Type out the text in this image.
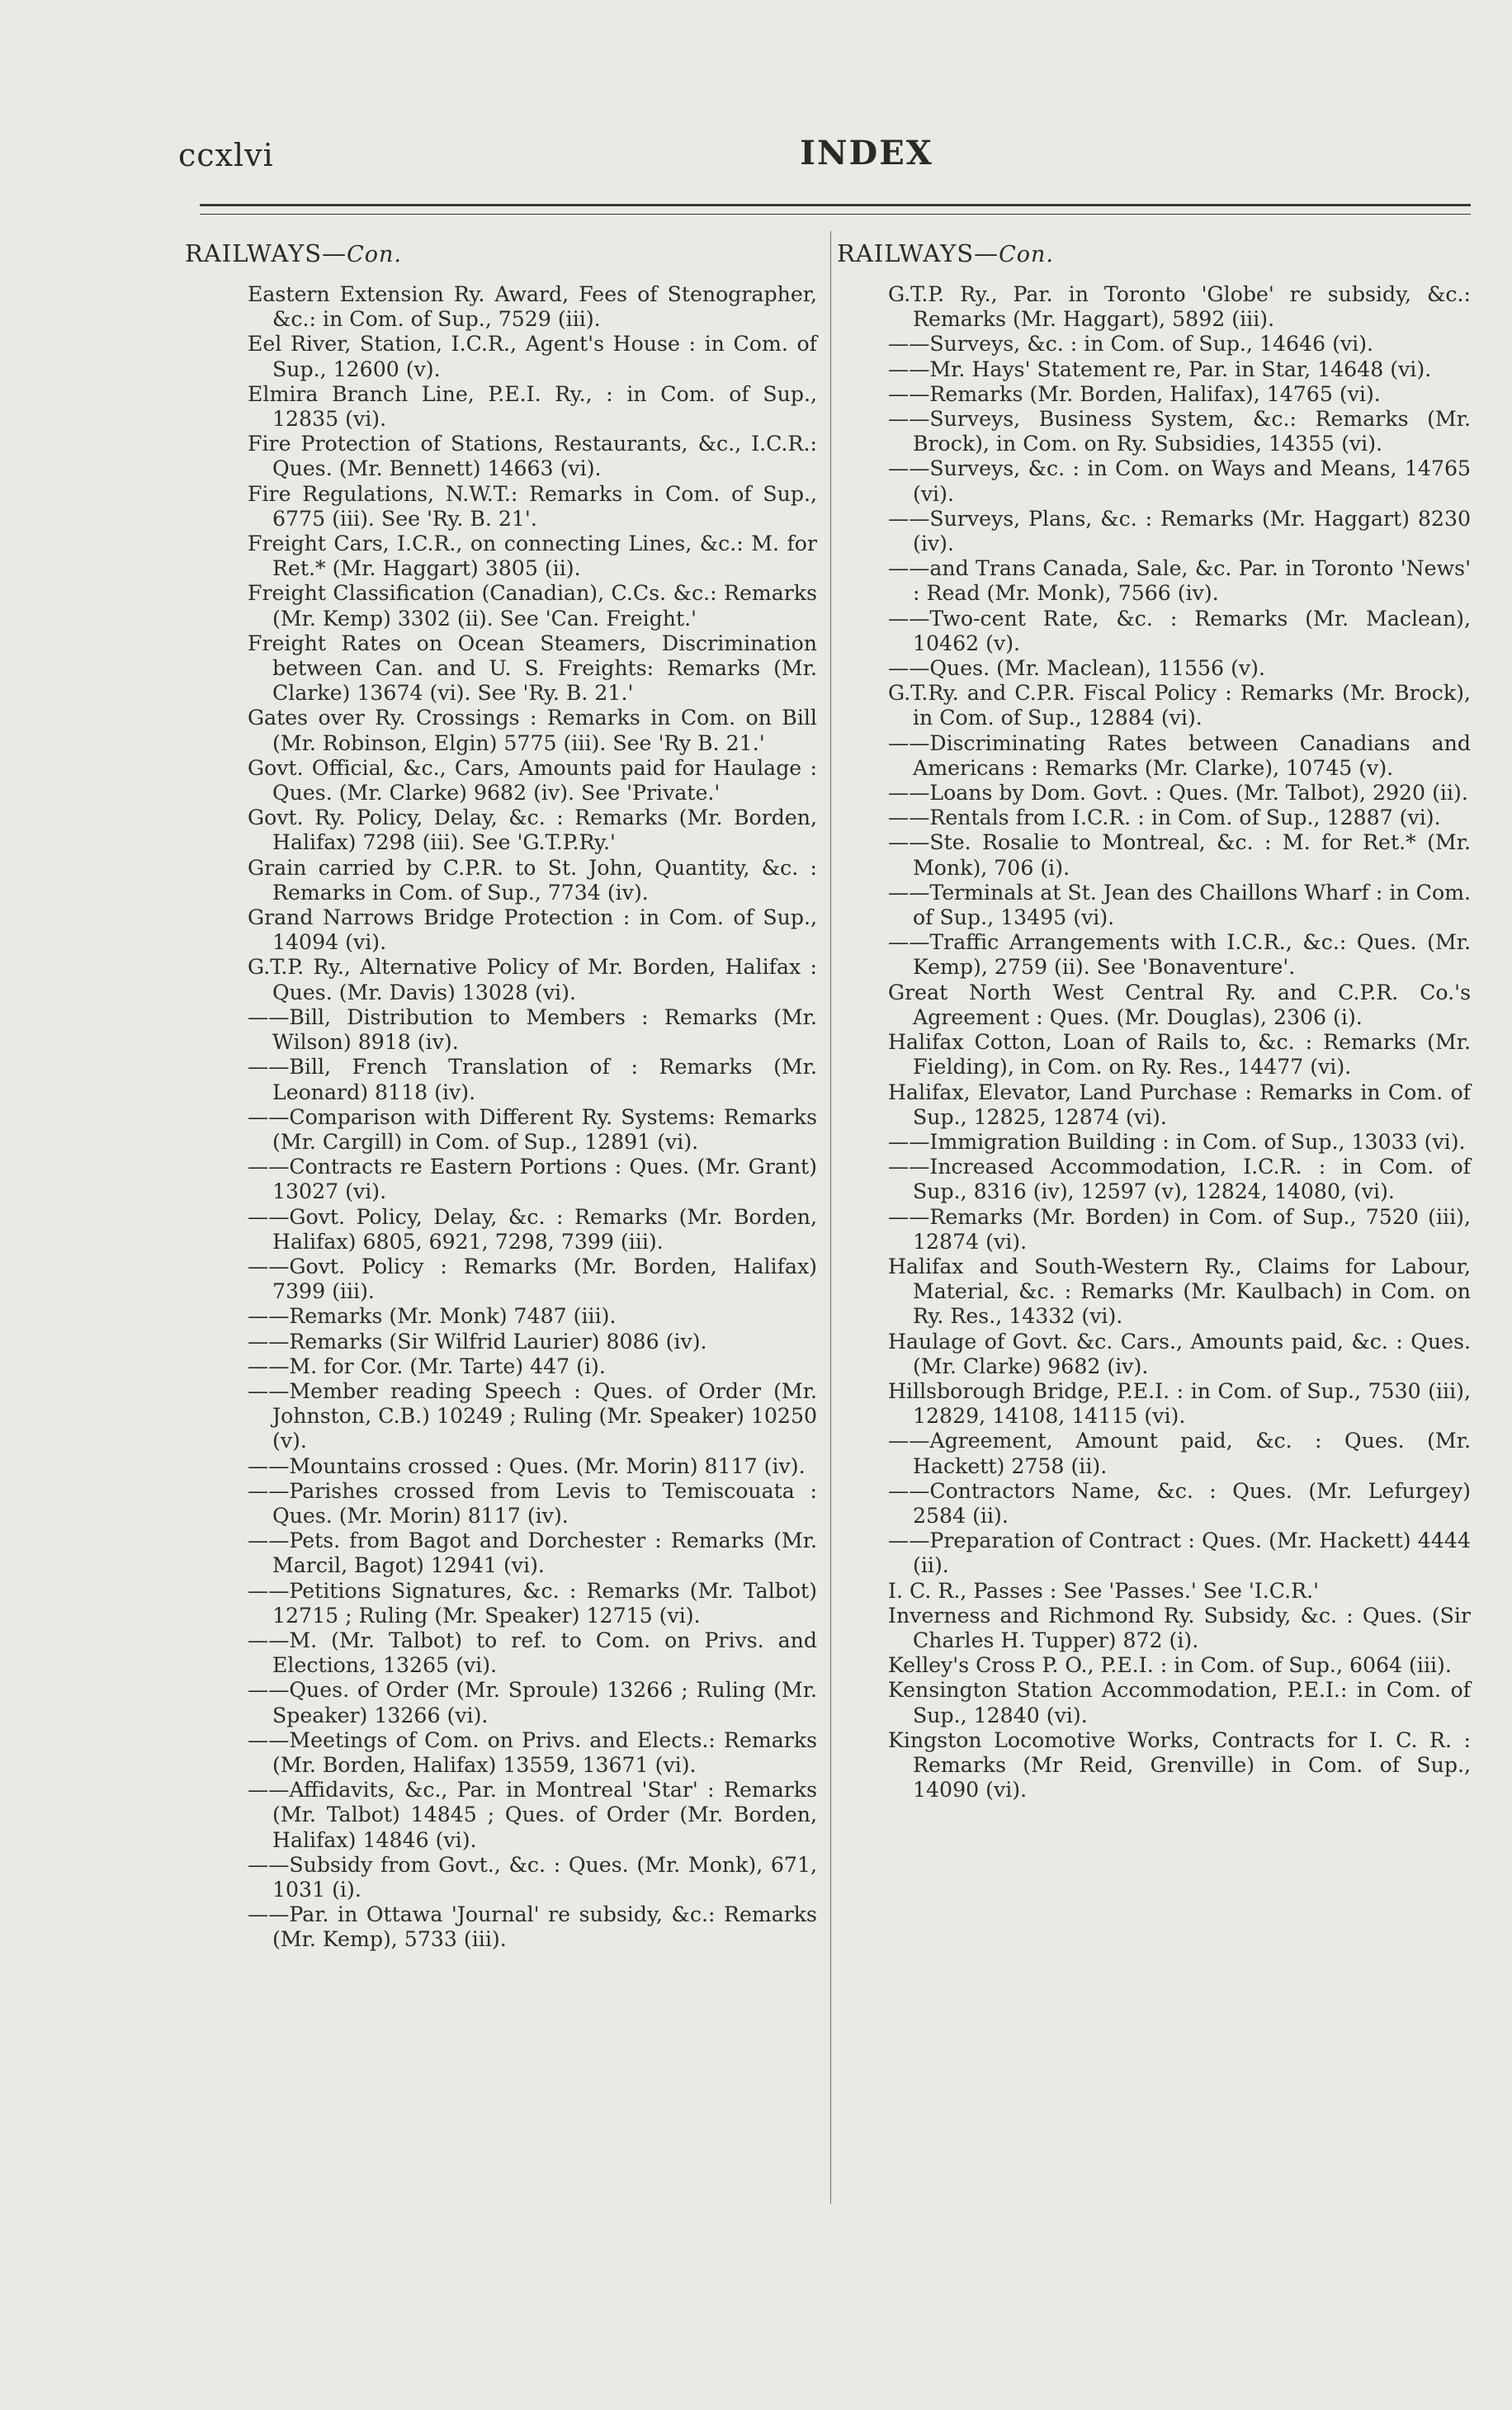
ccxlvi	INDEX
RAILWAYS—Con.
Eastern Extension Ry. Award, Fees of Stenographer, &c.: in Com. of Sup., 7529 (iii).
Eel River, Station, I.C.R., Agent's House : in Com. of Sup., 12600 (v).
Elmira Branch Line, P.E.I. Ry., : in Com. of Sup., 12835 (vi).
Fire Protection of Stations, Restaurants, &c., I.C.R.: Ques. (Mr. Bennett) 14663 (vi).
Fire Regulations, N.W.T.: Remarks in Com. of Sup., 6775 (iii). See 'Ry. B. 21'.
Freight Cars, I.C.R., on connecting Lines, &c.: M. for Ret.* (Mr. Haggart) 3805 (ii).
Freight Classification (Canadian), C.Cs. &c.: Remarks (Mr. Kemp) 3302 (ii). See 'Can. Freight.'
Freight Rates on Ocean Steamers, Discrimination between Can. and U. S. Freights: Remarks (Mr. Clarke) 13674 (vi). See 'Ry. B. 21.'
Gates over Ry. Crossings : Remarks in Com. on Bill (Mr. Robinson, Elgin) 5775 (iii). See 'Ry B. 21.'
Govt. Official, &c., Cars, Amounts paid for Haulage : Ques. (Mr. Clarke) 9682 (iv). See 'Private.'
Govt. Ry. Policy, Delay, &c. : Remarks (Mr. Borden, Halifax) 7298 (iii). See 'G.T.P.Ry.'
Grain carried by C.P.R. to St. John, Quantity, &c. : Remarks in Com. of Sup., 7734 (iv).
Grand Narrows Bridge Protection : in Com. of Sup., 14094 (vi).
G.T.P. Ry., Alternative Policy of Mr. Borden, Halifax : Ques. (Mr. Davis) 13028 (vi).
——Bill, Distribution to Members : Remarks (Mr. Wilson) 8918 (iv).
——Bill, French Translation of : Remarks (Mr. Leonard) 8118 (iv).
——Comparison with Different Ry. Systems: Remarks (Mr. Cargill) in Com. of Sup., 12891 (vi).
——Contracts re Eastern Portions : Ques. (Mr. Grant) 13027 (vi).
——Govt. Policy, Delay, &c. : Remarks (Mr. Borden, Halifax) 6805, 6921, 7298, 7399 (iii).
——Govt. Policy : Remarks (Mr. Borden, Halifax) 7399 (iii).
——Remarks (Mr. Monk) 7487 (iii).
——Remarks (Sir Wilfrid Laurier) 8086 (iv).
——M. for Cor. (Mr. Tarte) 447 (i).
——Member reading Speech : Ques. of Order (Mr. Johnston, C.B.) 10249 ; Ruling (Mr. Speaker) 10250 (v).
——Mountains crossed : Ques. (Mr. Morin) 8117 (iv).
——Parishes crossed from Levis to Temiscouata : Ques. (Mr. Morin) 8117 (iv).
——Pets. from Bagot and Dorchester : Remarks (Mr. Marcil, Bagot) 12941 (vi).
——Petitions Signatures, &c. : Remarks (Mr. Talbot) 12715 ; Ruling (Mr. Speaker) 12715 (vi).
——M. (Mr. Talbot) to ref. to Com. on Privs. and Elections, 13265 (vi).
——Ques. of Order (Mr. Sproule) 13266 ; Ruling (Mr. Speaker) 13266 (vi).
——Meetings of Com. on Privs. and Elects.: Remarks (Mr. Borden, Halifax) 13559, 13671 (vi).
——Affidavits, &c., Par. in Montreal 'Star' : Remarks (Mr. Talbot) 14845 ; Ques. of Order (Mr. Borden, Halifax) 14846 (vi).
——Subsidy from Govt., &c. : Ques. (Mr. Monk), 671, 1031 (i).
——Par. in Ottawa 'Journal' re subsidy, &c.: Remarks (Mr. Kemp), 5733 (iii).
RAILWAYS—Con.
G.T.P. Ry., Par. in Toronto 'Globe' re subsidy, &c.: Remarks (Mr. Haggart), 5892 (iii).
——Surveys, &c. : in Com. of Sup., 14646 (vi).
——Mr. Hays' Statement re, Par. in Star, 14648 (vi).
——Remarks (Mr. Borden, Halifax), 14765 (vi).
——Surveys, Business System, &c.: Remarks (Mr. Brock), in Com. on Ry. Subsidies, 14355 (vi).
——Surveys, &c. : in Com. on Ways and Means, 14765 (vi).
——Surveys, Plans, &c. : Remarks (Mr. Haggart) 8230 (iv).
——and Trans Canada, Sale, &c. Par. in Toronto 'News' : Read (Mr. Monk), 7566 (iv).
——Two-cent Rate, &c. : Remarks (Mr. Maclean), 10462 (v).
——Ques. (Mr. Maclean), 11556 (v).
G.T.Ry. and C.P.R. Fiscal Policy : Remarks (Mr. Brock), in Com. of Sup., 12884 (vi).
——Discriminating Rates between Canadians and Americans : Remarks (Mr. Clarke), 10745 (v).
——Loans by Dom. Govt. : Ques. (Mr. Talbot), 2920 (ii).
——Rentals from I.C.R. : in Com. of Sup., 12887 (vi).
——Ste. Rosalie to Montreal, &c. : M. for Ret.* (Mr. Monk), 706 (i).
——Terminals at St. Jean des Chaillons Wharf : in Com. of Sup., 13495 (vi).
——Traffic Arrangements with I.C.R., &c.: Ques. (Mr. Kemp), 2759 (ii). See 'Bonaventure'.
Great North West Central Ry. and C.P.R. Co.'s Agreement : Ques. (Mr. Douglas), 2306 (i).
Halifax Cotton, Loan of Rails to, &c. : Remarks (Mr. Fielding), in Com. on Ry. Res., 14477 (vi).
Halifax, Elevator, Land Purchase : Remarks in Com. of Sup., 12825, 12874 (vi).
——Immigration Building : in Com. of Sup., 13033 (vi).
——Increased Accommodation, I.C.R. : in Com. of Sup., 8316 (iv), 12597 (v), 12824, 14080, (vi).
——Remarks (Mr. Borden) in Com. of Sup., 7520 (iii), 12874 (vi).
Halifax and South-Western Ry., Claims for Labour, Material, &c. : Remarks (Mr. Kaulbach) in Com. on Ry. Res., 14332 (vi).
Haulage of Govt. &c. Cars., Amounts paid, &c. : Ques. (Mr. Clarke) 9682 (iv).
Hillsborough Bridge, P.E.I. : in Com. of Sup., 7530 (iii), 12829, 14108, 14115 (vi).
——Agreement, Amount paid, &c. : Ques. (Mr. Hackett) 2758 (ii).
——Contractors Name, &c. : Ques. (Mr. Lefurgey) 2584 (ii).
——Preparation of Contract : Ques. (Mr. Hackett) 4444 (ii).
I. C. R., Passes : See 'Passes.' See 'I.C.R.'
Inverness and Richmond Ry. Subsidy, &c. : Ques. (Sir Charles H. Tupper) 872 (i).
Kelley's Cross P. O., P.E.I. : in Com. of Sup., 6064 (iii).
Kensington Station Accommodation, P.E.I.: in Com. of Sup., 12840 (vi).
Kingston Locomotive Works, Contracts for I. C. R. : Remarks (Mr Reid, Grenville) in Com. of Sup., 14090 (vi).
